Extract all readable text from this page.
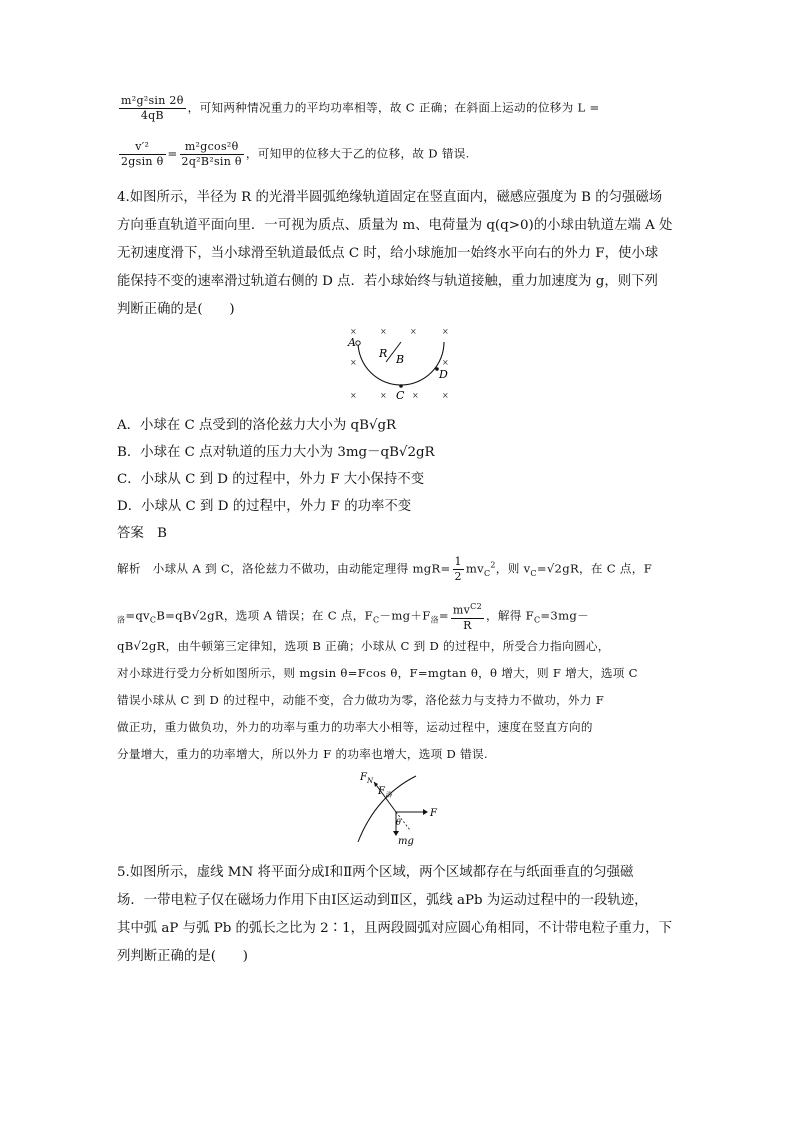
$\frac{\text{m²g²sin 2θ}}{4qB}$ ，可知两种情况重力的平均功率相等，故 C 正确；在斜面上运动的位移为 L =
$\frac{\text{v′²}}{\text{2gsin θ}} = \frac{\text{m²gcos²θ}}{\text{2q²B²sin θ}}$ ，可知甲的位移大于乙的位移，故 D 错误.
4.如图所示，半径为 R 的光滑半圆弧绝缘轨道固定在竖直面内，磁感应强度为 B 的匀强磁场
方向垂直轨道平面向里．一可视为质点、质量为 m、电荷量为 q(q>0)的小球由轨道左端 A 处
无初速度滑下，当小球滑至轨道最低点 C 时，给小球施加一始终水平向右的外力 F，使小球
能保持不变的速率滑过轨道右侧的 D 点．若小球始终与轨道接触，重力加速度为 g，则下列
判断正确的是(　　)
×	×	×	×
×	×
×	×	×	×
A
R B
C
D
A．小球在 C 点受到的洛伦兹力大小为 qB√gR
B．小球在 C 点对轨道的压力大小为 3mg－qB√2gR
C．小球从 C 到 D 的过程中，外力 F 大小保持不变
D．小球从 C 到 D 的过程中，外力 F 的功率不变
答案　B
解析　小球从 A 到 C，洛伦兹力不做功，由动能定理得 $mgR= \frac{1}{2} mv_C^2$，则 $v_C=√2gR$，在 C 点，F
$_洛=qv_CB=qB√2gR$，选项 A 错误；在 C 点，$F_C-mg+F_洛= \frac{mv^{C2}}{R}$ ，解得 $F_C=3mg-$
qB√2gR，由牛顿第三定律知，选项 B 正确；小球从 C 到 D 的过程中，所受合力指向圆心，
对小球进行受力分析如图所示，则 mgsin θ=Fcos θ，F=mgtan θ，θ 增大，则 F 增大，选项 C
错误小球从 C 到 D 的过程中，动能不变，合力做功为零，洛伦兹力与支持力不做功，外力 F
做正功，重力做负功，外力的功率与重力的功率大小相等，运动过程中，速度在竖直方向的
分量增大，重力的功率增大，所以外力 F 的功率也增大，选项 D 错误.
$F_N$
$F_洛$
F
θ
mg
5.如图所示，虚线 MN 将平面分成Ⅰ和Ⅱ两个区域，两个区域都存在与纸面垂直的匀强磁
场．一带电粒子仅在磁场力作用下由Ⅰ区运动到Ⅱ区，弧线 aPb 为运动过程中的一段轨迹，
其中弧 aP 与弧 Pb 的弧长之比为 2∶1，且两段圆弧对应圆心角相同，不计带电粒子重力，下
列判断正确的是(　　)
